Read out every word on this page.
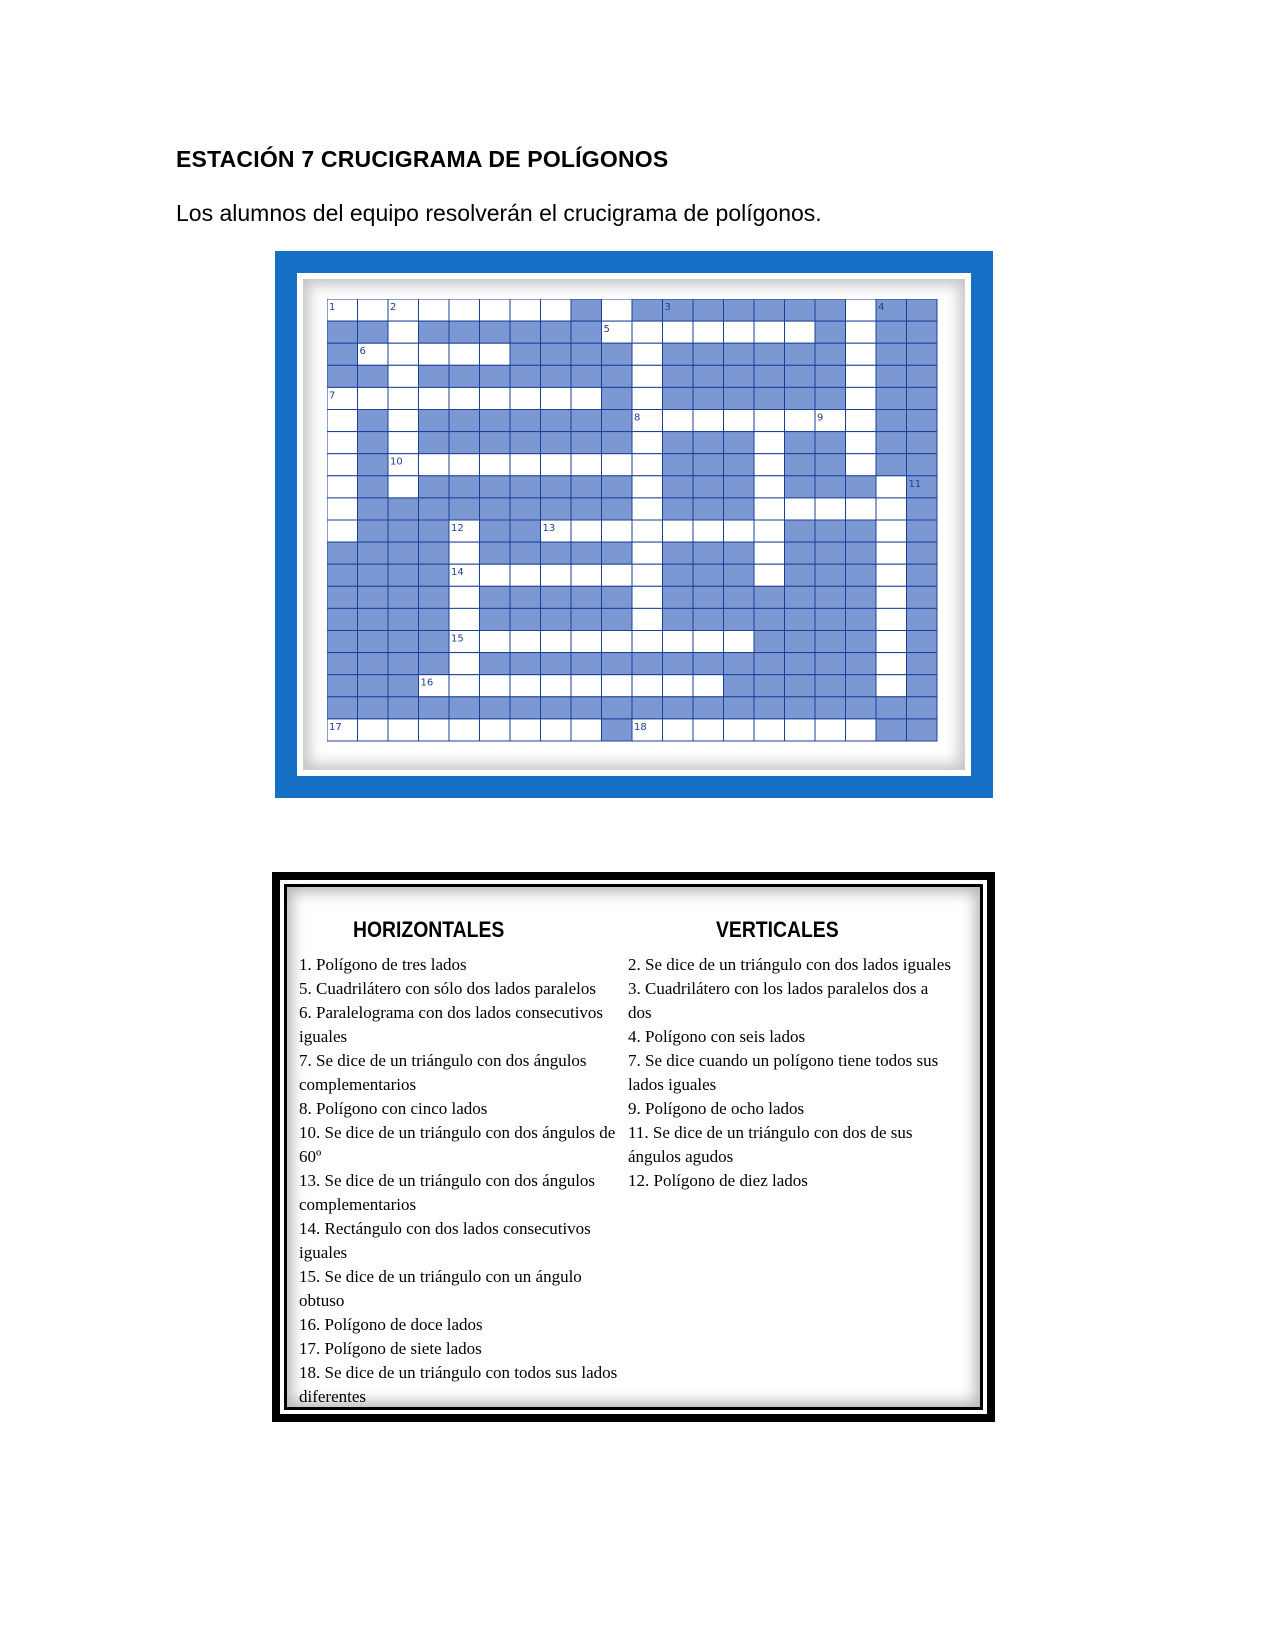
ESTACIÓN 7 CRUCIGRAMA DE POLÍGONOS
Los alumnos del equipo resolverán el crucigrama de polígonos.
1	2	3	4
5
6
7
8	9
10
11
12	13
14
15
16
17	18
HORIZONTALES	VERTICALES
1. Polígono de tres lados
5. Cuadrilátero con sólo dos lados paralelos
6. Paralelograma con dos lados consecutivos
iguales
7. Se dice de un triángulo con dos ángulos
complementarios
8. Polígono con cinco lados
10. Se dice de un triángulo con dos ángulos de
60º
13. Se dice de un triángulo con dos ángulos
complementarios
14. Rectángulo con dos lados consecutivos
iguales
15. Se dice de un triángulo con un ángulo
obtuso
16. Polígono de doce lados
17. Polígono de siete lados
18. Se dice de un triángulo con todos sus lados
diferentes
2. Se dice de un triángulo con dos lados iguales
3. Cuadrilátero con los lados paralelos dos a
dos
4. Polígono con seis lados
7. Se dice cuando un polígono tiene todos sus
lados iguales
9. Polígono de ocho lados
11. Se dice de un triángulo con dos de sus
ángulos agudos
12. Polígono de diez lados
